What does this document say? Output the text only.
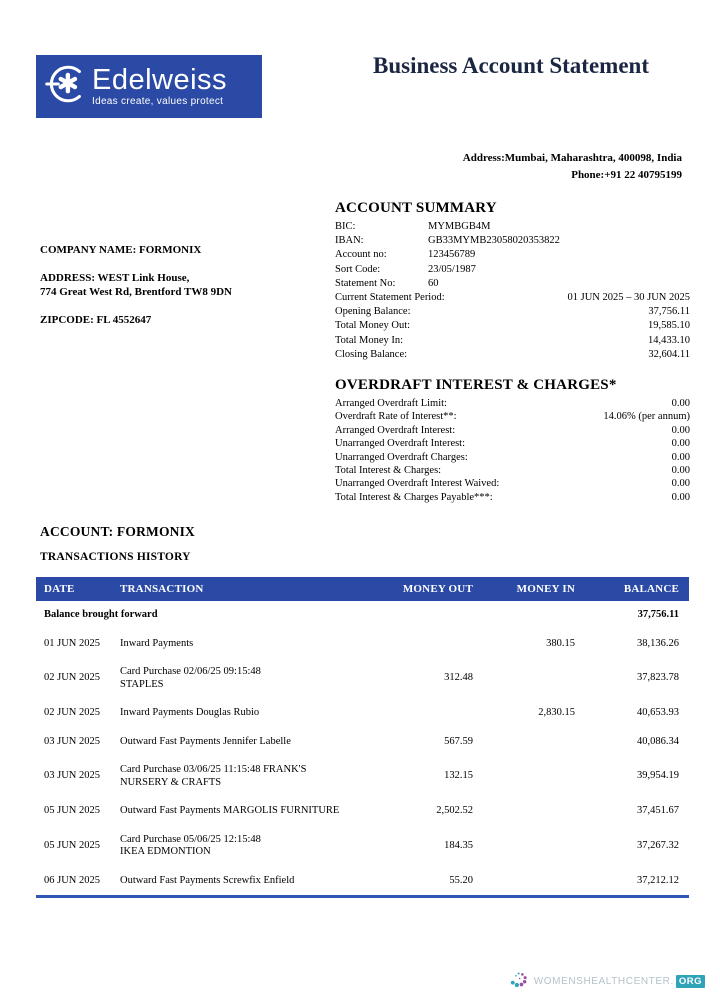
Edelweiss
Ideas create, values protect
Business Account Statement
Address:Mumbai, Maharashtra, 400098, India
Phone:+91 22 40795199
COMPANY NAME: FORMONIX
ADDRESS: WEST Link House,
774 Great West Rd, Brentford TW8 9DN
ZIPCODE: FL 4552647
ACCOUNT SUMMARY
BIC:	MYMBGB4M
IBAN:	GB33MYMB23058020353822
Account no:	123456789
Sort Code:	23/05/1987
Statement No:	60
Current Statement Period:	01 JUN 2025 – 30 JUN 2025
Opening Balance:	37,756.11
Total Money Out:	19,585.10
Total Money In:	14,433.10
Closing Balance:	32,604.11
OVERDRAFT INTEREST & CHARGES*
Arranged Overdraft Limit:	0.00
Overdraft Rate of Interest**:	14.06% (per annum)
Arranged Overdraft Interest:	0.00
Unarranged Overdraft Interest:	0.00
Unarranged Overdraft Charges:	0.00
Total Interest & Charges:	0.00
Unarranged Overdraft Interest Waived:	0.00
Total Interest & Charges Payable***:	0.00
ACCOUNT: FORMONIX
TRANSACTIONS HISTORY
DATE	TRANSACTION	MONEY OUT	MONEY IN	BALANCE
Balance brought forward				37,756.11
01 JUN 2025	Inward Payments		380.15	38,136.26
02 JUN 2025	Card Purchase 02/06/25 09:15:48
STAPLES	312.48		37,823.78
02 JUN 2025	Inward Payments Douglas Rubio		2,830.15	40,653.93
03 JUN 2025	Outward Fast Payments Jennifer Labelle	567.59		40,086.34
03 JUN 2025	Card Purchase 03/06/25 11:15:48 FRANK'S
NURSERY & CRAFTS	132.15		39,954.19
05 JUN 2025	Outward Fast Payments MARGOLIS FURNITURE	2,502.52		37,451.67
05 JUN 2025	Card Purchase 05/06/25 12:15:48
IKEA EDMONTION	184.35		37,267.32
06 JUN 2025	Outward Fast Payments Screwfix Enfield	55.20		37,212.12
WOMENSHEALTHCENTER. ORG
